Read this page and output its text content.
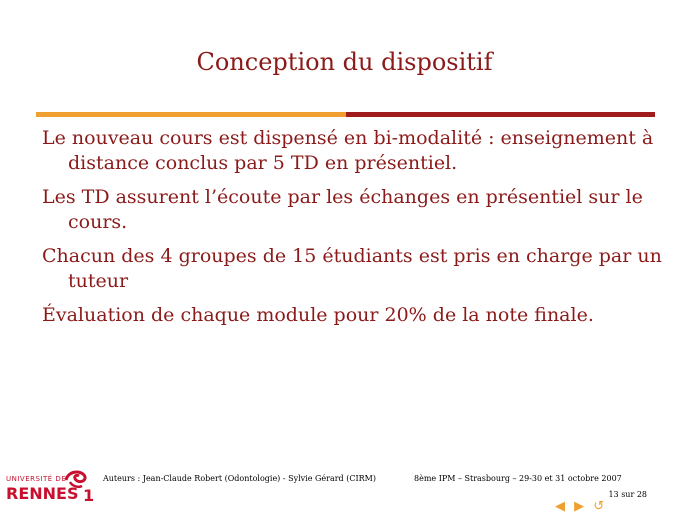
Conception du dispositif
Le nouveau cours est dispensé en bi-modalité : enseignement à distance conclus par 5 TD en présentiel.
Les TD assurent l’écoute par les échanges en présentiel sur le cours.
Chacun des 4 groupes de 15 étudiants est pris en charge par un tuteur
Évaluation de chaque module pour 20% de la note finale.
UNIVERSITÉ DE
RENNES 1
Auteurs : Jean-Claude Robert (Odontologie) - Sylvie Gérard (CIRM)	8ème IPM – Strasbourg – 29-30 et 31 octobre 2007
13 sur 28
◀ ▶ ↺
